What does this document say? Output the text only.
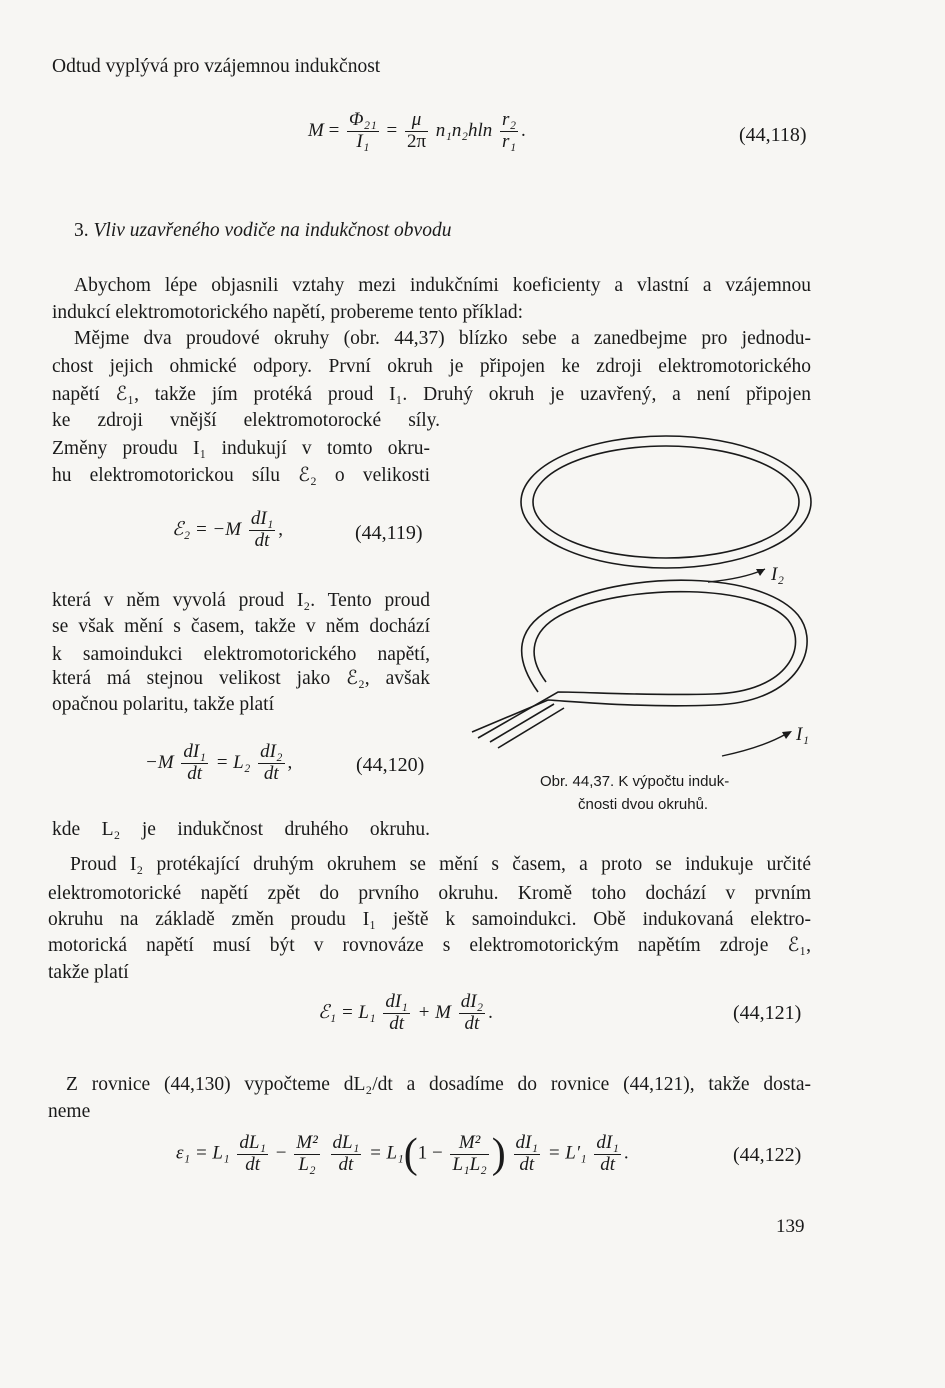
Odtud vyplývá pro vzájemnou indukčnost
$M = \frac{\text{Φ₂₁}}{\text{I₁}} = \frac{\mu}{2\pi} n_1n_2hln \frac{\text{r₂}}{\text{r₁}}$ .	(44,118)
3. Vliv uzavřeného vodiče na indukčnost obvodu
Abychom lépe objasnili vztahy mezi indukčními koeficienty a vlastní a vzájemnou
indukcí elektromotorického napětí, probereme tento příklad:
Mějme dva proudové okruhy (obr. 44,37) blízko sebe a zanedbejme pro jednodu-
chost jejich ohmické odpory. První okruh je připojen ke zdroji elektromotorického
napětí ℰ₁, takže jím protéká proud I₁. Druhý okruh je uzavřený, a není připojen
ke zdroji vnější elektromotorocké síly.
Změny proudu I₁ indukují v tomto okru-
hu elektromotorickou sílu ℰ₂ o velikosti
ℰ₂ = $-M \frac{\text{dI₁}}{dt}$ ,	(44,119)
která v něm vyvolá proud I₂. Tento proud
se však mění s časem, takže v něm dochází
k samoindukci elektromotorického napětí,
která má stejnou velikost jako ℰ₂, avšak
opačnou polaritu, takže platí
$-M \frac{\text{dI₁}}{dt} = L_2 \frac{\text{dI₂}}{dt}$ ,	(44,120)
kde L₂ je indukčnost druhého okruhu.
I₂
I₁
Obr. 44,37. K výpočtu induk-
čnosti dvou okruhů.
Proud I₂ protékající druhým okruhem se mění s časem, a proto se indukuje určité
elektromotorické napětí zpět do prvního okruhu. Kromě toho dochází v prvním
okruhu na základě změn proudu I₁ ještě k samoindukci. Obě indukovaná elektro-
motorická napětí musí být v rovnováze s elektromotorickým napětím zdroje ℰ₁,
takže platí
ℰ₁ = $L_1 \frac{\text{dI₁}}{dt} + M \frac{\text{dI₂}}{dt}$ .	(44,121)
Z rovnice (44,130) vypočteme dL₂/dt a dosadíme do rovnice (44,121), takže dosta-
neme
$\varepsilon_1 = L_1 \frac{\text{dL₁}}{dt} - \frac{\text{M²}}{\text{L₂}}$
$\frac{\text{dL₁}}{dt} = L_1(1 - \frac{\text{M²}}{\text{L₁L₂}}$ ) $\frac{\text{dI₁}}{dt} = L'_1 \frac{\text{dI₁}}{dt}$ .	(44,122)
139
